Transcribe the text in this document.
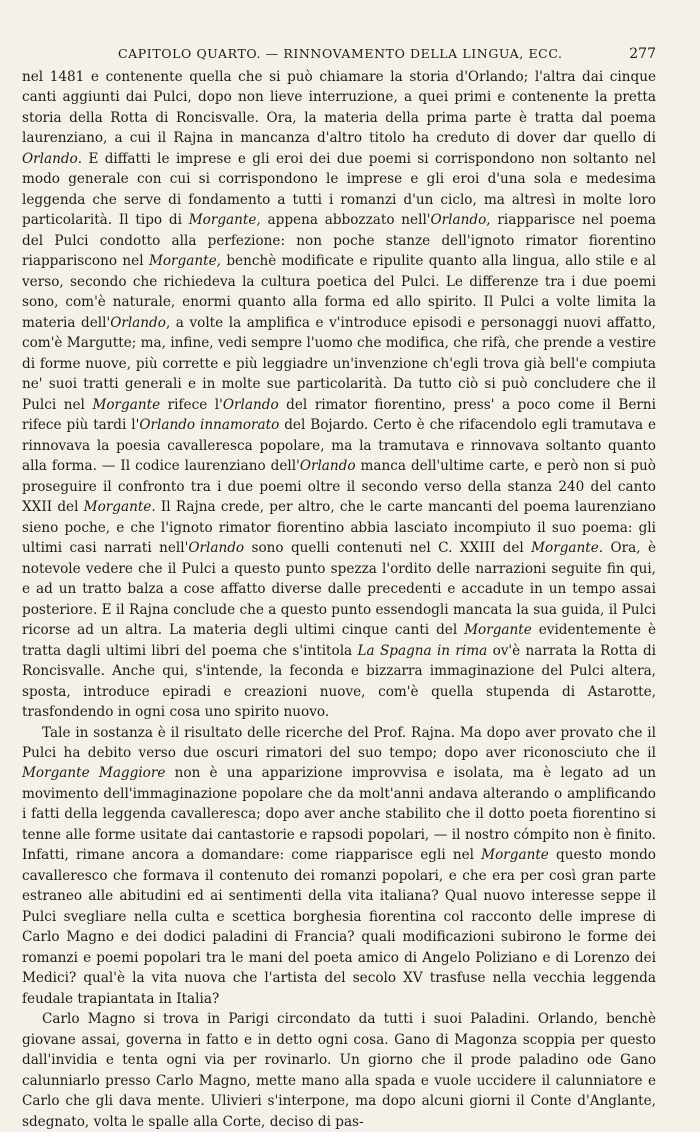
CAPITOLO QUARTO. — RINNOVAMENTO DELLA LINGUA, ECC.	277

nel 1481 e contenente quella che si può chiamare la storia d'Orlando; l'altra dai cinque canti aggiunti dai Pulci, dopo non lieve interruzione, a quei primi e contenente la pretta storia della Rotta di Roncisvalle. Ora, la materia della prima parte è tratta dal poema laurenziano, a cui il Rajna in mancanza d'altro titolo ha creduto di dover dar quello di Orlando. E diffatti le imprese e gli eroi dei due poemi si corrispondono non soltanto nel modo generale con cui si corrispondono le imprese e gli eroi d'una sola e medesima leggenda che serve di fondamento a tutti i romanzi d'un ciclo, ma altresì in molte loro particolarità. Il tipo di Morgante, appena abbozzato nell'Orlando, riapparisce nel poema del Pulci condotto alla perfezione: non poche stanze dell'ignoto rimator fiorentino riappariscono nel Morgante, benchè modificate e ripulite quanto alla lingua, allo stile e al verso, secondo che richiedeva la cultura poetica del Pulci. Le differenze tra i due poemi sono, com'è naturale, enormi quanto alla forma ed allo spirito. Il Pulci a volte limita la materia dell'Orlando, a volte la amplifica e v'introduce episodi e personaggi nuovi affatto, com'è Margutte; ma, infine, vedi sempre l'uomo che modifica, che rifà, che prende a vestire di forme nuove, più corrette e più leggiadre un'invenzione ch'egli trova già bell'e compiuta ne' suoi tratti generali e in molte sue particolarità. Da tutto ciò si può concludere che il Pulci nel Morgante rifece l'Orlando del rimator fiorentino, press' a poco come il Berni rifece più tardi l'Orlando innamorato del Bojardo. Certo è che rifacendolo egli tramutava e rinnovava la poesia cavalleresca popolare, ma la tramutava e rinnovava soltanto quanto alla forma. — Il codice laurenziano dell'Orlando manca dell'ultime carte, e però non si può proseguire il confronto tra i due poemi oltre il secondo verso della stanza 240 del canto XXII del Morgante. Il Rajna crede, per altro, che le carte mancanti del poema laurenziano sieno poche, e che l'ignoto rimator fiorentino abbia lasciato incompiuto il suo poema: gli ultimi casi narrati nell'Orlando sono quelli contenuti nel C. XXIII del Morgante. Ora, è notevole vedere che il Pulci a questo punto spezza l'ordito delle narrazioni seguite fin qui, e ad un tratto balza a cose affatto diverse dalle precedenti e accadute in un tempo assai posteriore. E il Rajna conclude che a questo punto essendogli mancata la sua guida, il Pulci ricorse ad un altra. La materia degli ultimi cinque canti del Morgante evidentemente è tratta dagli ultimi libri del poema che s'intitola La Spagna in rima ov'è narrata la Rotta di Roncisvalle. Anche qui, s'intende, la feconda e bizzarra immaginazione del Pulci altera, sposta, introduce epiradi e creazioni nuove, com'è quella stupenda di Astarotte, trasfondendo in ogni cosa uno spirito nuovo.

Tale in sostanza è il risultato delle ricerche del Prof. Rajna. Ma dopo aver provato che il Pulci ha debito verso due oscuri rimatori del suo tempo; dopo aver riconosciuto che il Morgante Maggiore non è una apparizione improvvisa e isolata, ma è legato ad un movimento dell'immaginazione popolare che da molt'anni andava alterando o amplificando i fatti della leggenda cavalleresca; dopo aver anche stabilito che il dotto poeta fiorentino si tenne alle forme usitate dai cantastorie e rapsodi popolari, — il nostro cómpito non è finito. Infatti, rimane ancora a domandare: come riapparisce egli nel Morgante questo mondo cavalleresco che formava il contenuto dei romanzi popolari, e che era per così gran parte estraneo alle abitudini ed ai sentimenti della vita italiana? Qual nuovo interesse seppe il Pulci svegliare nella culta e scettica borghesia fiorentina col racconto delle imprese di Carlo Magno e dei dodici paladini di Francia? quali modificazioni subirono le forme dei romanzi e poemi popolari tra le mani del poeta amico di Angelo Poliziano e di Lorenzo dei Medici? qual'è la vita nuova che l'artista del secolo XV trasfuse nella vecchia leggenda feudale trapiantata in Italia?

Carlo Magno si trova in Parigi circondato da tutti i suoi Paladini. Orlando, benchè giovane assai, governa in fatto e in detto ogni cosa. Gano di Magonza scoppia per questo dall'invidia e tenta ogni via per rovinarlo. Un giorno che il prode paladino ode Gano calunniarlo presso Carlo Magno, mette mano alla spada e vuole uccidere il calunniatore e Carlo che gli dava mente. Ulivieri s'interpone, ma dopo alcuni giorni il Conte d'Anglante, sdegnato, volta le spalle alla Corte, deciso di pas-
